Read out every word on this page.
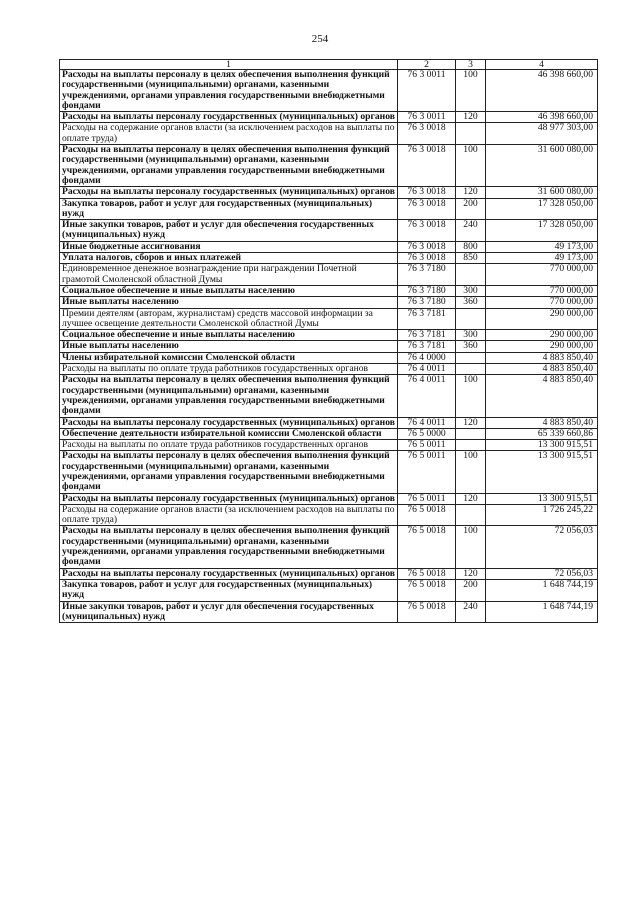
254
1	2	3	4
Расходы на выплаты персоналу в целях обеспечения выполнения функций государственными (муниципальными) органами, казенными учреждениями, органами управления государственными внебюджетными фондами	76 3 0011	100	46 398 660,00
Расходы на выплаты персоналу государственных (муниципальных) органов	76 3 0011	120	46 398 660,00
Расходы на содержание органов власти (за исключением расходов на выплаты по оплате труда)	76 3 0018		48 977 303,00
Расходы на выплаты персоналу в целях обеспечения выполнения функций государственными (муниципальными) органами, казенными учреждениями, органами управления государственными внебюджетными фондами	76 3 0018	100	31 600 080,00
Расходы на выплаты персоналу государственных (муниципальных) органов	76 3 0018	120	31 600 080,00
Закупка товаров, работ и услуг для государственных (муниципальных) нужд	76 3 0018	200	17 328 050,00
Иные закупки товаров, работ и услуг для обеспечения государственных (муниципальных) нужд	76 3 0018	240	17 328 050,00
Иные бюджетные ассигнования	76 3 0018	800	49 173,00
Уплата налогов, сборов и иных платежей	76 3 0018	850	49 173,00
Единовременное денежное вознаграждение при награждении Почетной грамотой Смоленской областной Думы	76 3 7180		770 000,00
Социальное обеспечение и иные выплаты населению	76 3 7180	300	770 000,00
Иные выплаты населению	76 3 7180	360	770 000,00
Премии деятелям (авторам, журналистам) средств массовой информации за лучшее освещение деятельности Смоленской областной Думы	76 3 7181		290 000,00
Социальное обеспечение и иные выплаты населению	76 3 7181	300	290 000,00
Иные выплаты населению	76 3 7181	360	290 000,00
Члены избирательной комиссии Смоленской области	76 4 0000		4 883 850,40
Расходы на выплаты по оплате труда работников государственных органов	76 4 0011		4 883 850,40
Расходы на выплаты персоналу в целях обеспечения выполнения функций государственными (муниципальными) органами, казенными учреждениями, органами управления государственными внебюджетными фондами	76 4 0011	100	4 883 850,40
Расходы на выплаты персоналу государственных (муниципальных) органов	76 4 0011	120	4 883 850,40
Обеспечение деятельности избирательной комиссии Смоленской области	76 5 0000		65 339 660,86
Расходы на выплаты по оплате труда работников государственных органов	76 5 0011		13 300 915,51
Расходы на выплаты персоналу в целях обеспечения выполнения функций государственными (муниципальными) органами, казенными учреждениями, органами управления государственными внебюджетными фондами	76 5 0011	100	13 300 915,51
Расходы на выплаты персоналу государственных (муниципальных) органов	76 5 0011	120	13 300 915,51
Расходы на содержание органов власти (за исключением расходов на выплаты по оплате труда)	76 5 0018		1 726 245,22
Расходы на выплаты персоналу в целях обеспечения выполнения функций государственными (муниципальными) органами, казенными учреждениями, органами управления государственными внебюджетными фондами	76 5 0018	100	72 056,03
Расходы на выплаты персоналу государственных (муниципальных) органов	76 5 0018	120	72 056,03
Закупка товаров, работ и услуг для государственных (муниципальных) нужд	76 5 0018	200	1 648 744,19
Иные закупки товаров, работ и услуг для обеспечения государственных (муниципальных) нужд	76 5 0018	240	1 648 744,19
